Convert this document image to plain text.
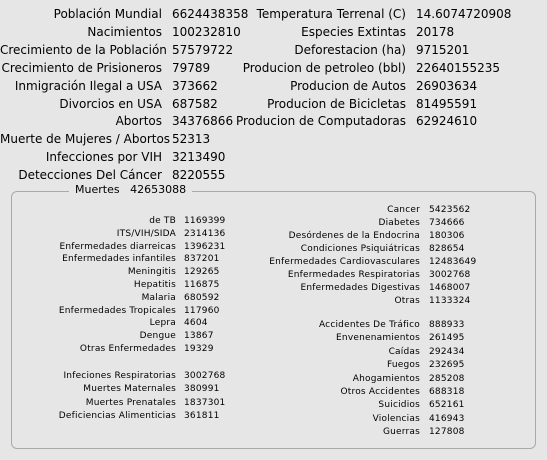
Población Mundial 6624438358
Nacimientos 100232810
Crecimiento de la Población 57579722
Crecimiento de Prisioneros 79789
Inmigración Ilegal a USA 373662
Divorcios en USA 687582
Abortos 34376866
Muerte de Mujeres / Abortos 52313
Infecciones por VIH 3213490
Detecciones Del Cáncer 8220555
Temperatura Terrenal (C) 14.6074720908
Especies Extintas 20178
Deforestacion (ha) 9715201
Producion de petroleo (bbl) 22640155235
Producion de Autos 26903634
Producion de Bicicletas 81495591
Producion de Computadoras 62924610
Muertes 42653088
de TB 1169399
ITS/VIH/SIDA 2314136
Enfermedades diarreicas 1396231
Enfermedades infantiles 837201
Meningitis 129265
Hepatitis 116875
Malaria 680592
Enfermedades Tropicales 117960
Lepra 4604
Dengue 13867
Otras Enfermedades 19329
Infeciones Respiratorias 3002768
Muertes Maternales 380991
Muertes Prenatales 1837301
Deficiencias Alimenticias 361811
Cancer 5423562
Diabetes 734666
Desórdenes de la Endocrina 180306
Condiciones Psiquiátricas 828654
Enfermedades Cardiovasculares 12483649
Enfermedades Respiratorias 3002768
Enfermedades Digestivas 1468007
Otras 1133324
Accidentes De Tráfico 888933
Envenenamientos 261495
Caídas 292434
Fuegos 232695
Ahogamientos 285208
Otros Accidentes 688318
Suicidios 652161
Violencias 416943
Guerras 127808
